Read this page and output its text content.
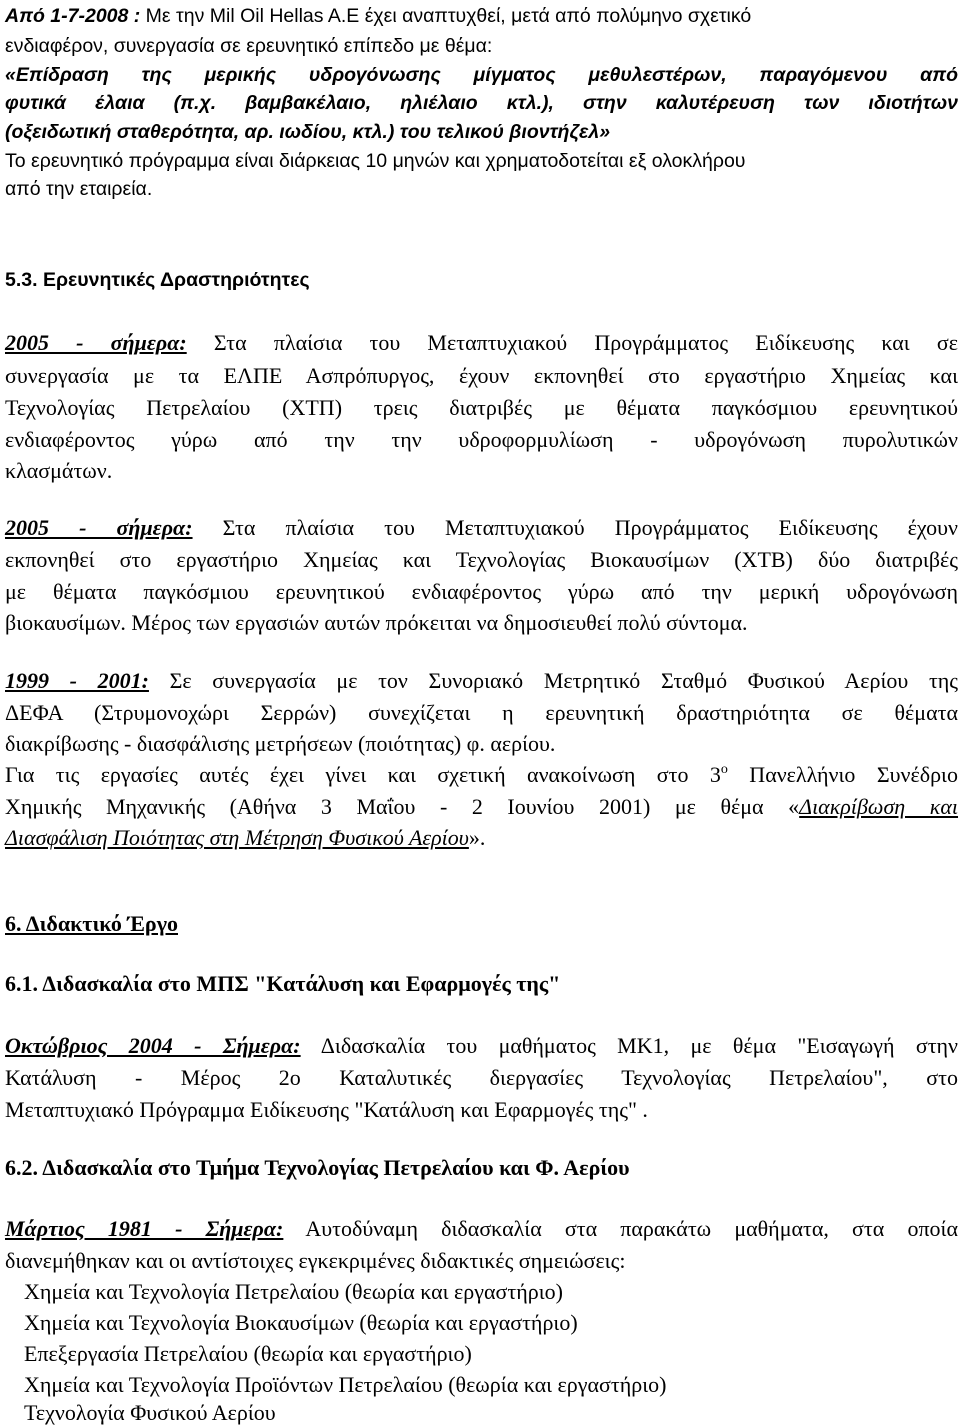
Από 1-7-2008 : Με την Mil Oil Hellas A.E έχει αναπτυχθεί, μετά από πολύμηνο σχετικό
ενδιαφέρον, συνεργασία σε ερευνητικό επίπεδο με θέμα:
«Επίδραση της μερικής υδρογόνωσης μίγματος μεθυλεστέρων, παραγόμενου από
φυτικά έλαια (π.χ. βαμβακέλαιο, ηλιέλαιο κτλ.), στην καλυτέρευση των ιδιοτήτων
(οξειδωτική σταθερότητα, αρ. ιωδίου, κτλ.) του τελικού βιοντήζελ»
Το ερευνητικό πρόγραμμα είναι διάρκειας 10 μηνών και χρηματοδοτείται εξ ολοκλήρου
από την εταιρεία.
5.3. Ερευνητικές Δραστηριότητες
2005 - σήμερα: Στα πλαίσια του Μεταπτυχιακού Προγράμματος Ειδίκευσης και σε
συνεργασία με τα ΕΛΠΕ Ασπρόπυργος, έχουν εκπονηθεί στο εργαστήριο Χημείας και
Τεχνολογίας Πετρελαίου (ΧΤΠ) τρεις διατριβές με θέματα παγκόσμιου ερευνητικού
ενδιαφέροντος γύρω από την την υδροφορμυλίωση - υδρογόνωση πυρολυτικών
κλασμάτων.
2005 - σήμερα: Στα πλαίσια του Μεταπτυχιακού Προγράμματος Ειδίκευσης έχουν
εκπονηθεί στο εργαστήριο Χημείας και Τεχνολογίας Βιοκαυσίμων (ΧΤΒ) δύο διατριβές
με θέματα παγκόσμιου ερευνητικού ενδιαφέροντος γύρω από την μερική υδρογόνωση
βιοκαυσίμων. Μέρος των εργασιών αυτών πρόκειται να δημοσιευθεί πολύ σύντομα.
1999 - 2001: Σε συνεργασία με τον Συνοριακό Μετρητικό Σταθμό Φυσικού Αερίου της
ΔΕΦΑ (Στρυμονοχώρι Σερρών) συνεχίζεται η ερευνητική δραστηριότητα σε θέματα
διακρίβωσης - διασφάλισης μετρήσεων (ποιότητας) φ. αερίου.
Για τις εργασίες αυτές έχει γίνει και σχετική ανακοίνωση στο $3^o$ Πανελλήνιο Συνέδριο
Χημικής Μηχανικής (Αθήνα 3 Μαΐου - 2 Ιουνίου 2001) με θέμα «Διακρίβωση και
Διασφάλιση Ποιότητας στη Μέτρηση Φυσικού Αερίου».
6. Διδακτικό Έργο
6.1. Διδασκαλία στο ΜΠΣ "Κατάλυση και Εφαρμογές της"
Οκτώβριος 2004 - Σήμερα: Διδασκαλία του μαθήματος ΜΚ1, με θέμα "Εισαγωγή στην
Κατάλυση - Μέρος 2ο Καταλυτικές διεργασίες Τεχνολογίας Πετρελαίου", στο
Μεταπτυχιακό Πρόγραμμα Ειδίκευσης "Κατάλυση και Εφαρμογές της" .
6.2. Διδασκαλία στο Τμήμα Τεχνολογίας Πετρελαίου και Φ. Αερίου
Μάρτιος 1981 - Σήμερα: Αυτοδύναμη διδασκαλία στα παρακάτω μαθήματα, στα οποία
διανεμήθηκαν και οι αντίστοιχες εγκεκριμένες διδακτικές σημειώσεις:
Χημεία και Τεχνολογία Πετρελαίου (θεωρία και εργαστήριο)
Χημεία και Τεχνολογία Βιοκαυσίμων (θεωρία και εργαστήριο)
Επεξεργασία Πετρελαίου (θεωρία και εργαστήριο)
Χημεία και Τεχνολογία Προϊόντων Πετρελαίου (θεωρία και εργαστήριο)
Τεχνολογία Φυσικού Αερίου
